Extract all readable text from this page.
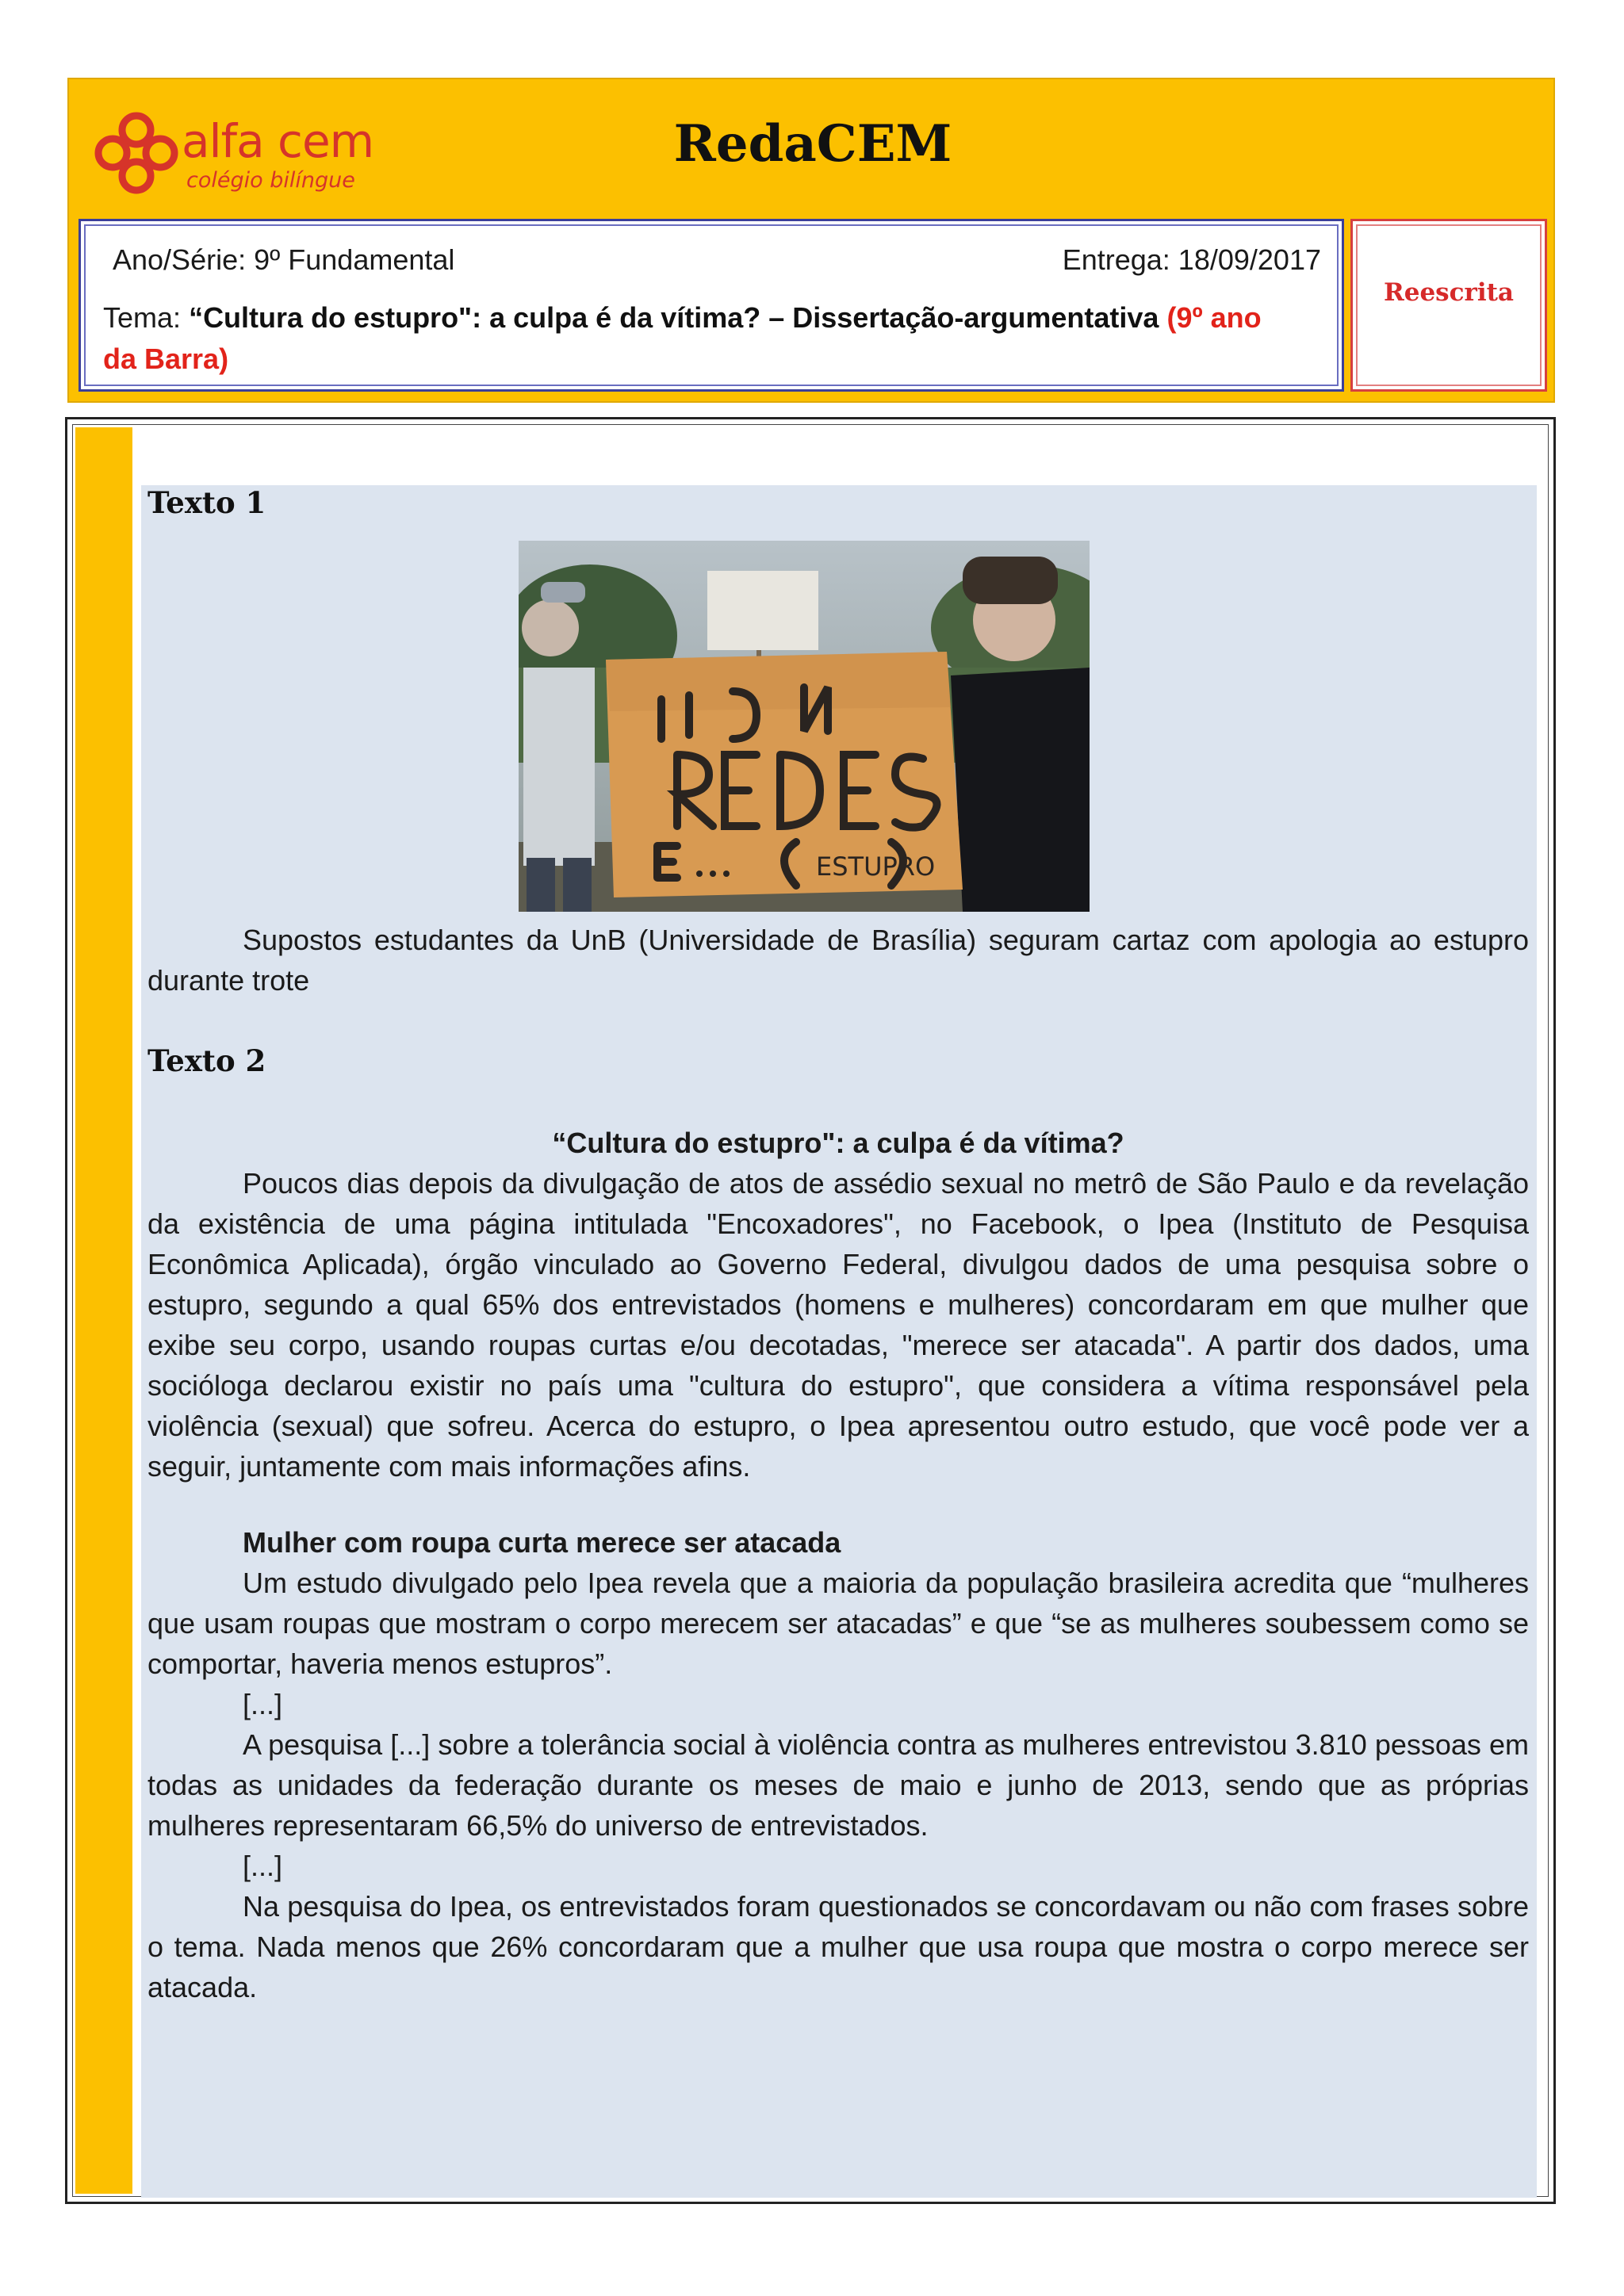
alfa cem
colégio bilíngue
RedaCEM
Ano/Série: 9º Fundamental	Entrega: 18/09/2017
Tema: “Cultura do estupro": a culpa é da vítima? – Dissertação-argumentativa (9º ano da Barra)
Reescrita
Texto 1
ESTUPRO
Supostos estudantes da UnB (Universidade de Brasília) seguram cartaz com apologia ao estupro durante trote
Texto 2
“Cultura do estupro": a culpa é da vítima?
Poucos dias depois da divulgação de atos de assédio sexual no metrô de São Paulo e da revelação da existência de uma página intitulada "Encoxadores", no Facebook, o Ipea (Instituto de Pesquisa Econômica Aplicada), órgão vinculado ao Governo Federal, divulgou dados de uma pesquisa sobre o estupro, segundo a qual 65% dos entrevistados (homens e mulheres) concordaram em que mulher que exibe seu corpo, usando roupas curtas e/ou decotadas, "merece ser atacada". A partir dos dados, uma socióloga declarou existir no país uma "cultura do estupro", que considera a vítima responsável pela violência (sexual) que sofreu. Acerca do estupro, o Ipea apresentou outro estudo, que você pode ver a seguir, juntamente com mais informações afins.
Mulher com roupa curta merece ser atacada
Um estudo divulgado pelo Ipea revela que a maioria da população brasileira acredita que “mulheres que usam roupas que mostram o corpo merecem ser atacadas” e que “se as mulheres soubessem como se comportar, haveria menos estupros”.
[...]
A pesquisa [...] sobre a tolerância social à violência contra as mulheres entrevistou 3.810 pessoas em todas as unidades da federação durante os meses de maio e junho de 2013, sendo que as próprias mulheres representaram 66,5% do universo de entrevistados.
[...]
Na pesquisa do Ipea, os entrevistados foram questionados se concordavam ou não com frases sobre o tema. Nada menos que 26% concordaram que a mulher que usa roupa que mostra o corpo merece ser atacada.
